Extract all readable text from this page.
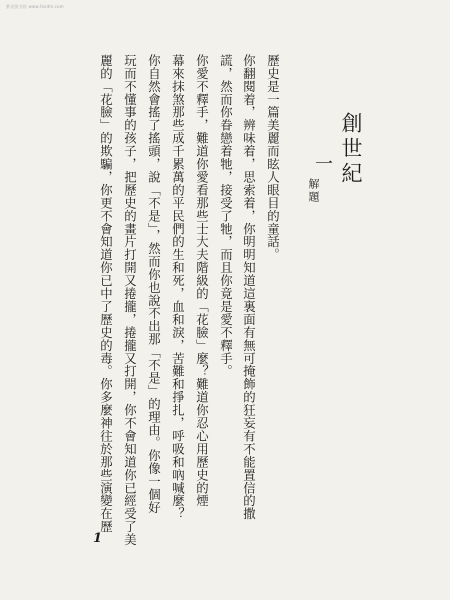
紫光图书馆 www.fxsdm.com
創世紀
一
解題
歷史是一篇美麗而眩人眼目的童話。
你翻閱着，辨味着，思索着，你明明知道這裏面有無可掩飾的狂妄有不能置信的撒
謊，然而你眷戀着牠，接受了牠，而且你竟是愛不釋手。
你愛不釋手，難道你愛看那些士大夫階級的「花臉」麼？難道你忍心用歷史的煙
幕來抹煞那些成千累萬的平民們的生和死，血和淚，苦難和掙扎，呼吸和吶喊麼？
你自然會搖了搖頭，說「不是」，然而你也說不出那「不是」的理由。你像一個好
玩而不懂事的孩子，把歷史的畫片打開又捲攏，捲攏又打開，你不會知道你已經受了美
麗的「花臉」的欺騙，你更不會知道你已中了歷史的毒。你多麼神往於那些演變在歷
1
